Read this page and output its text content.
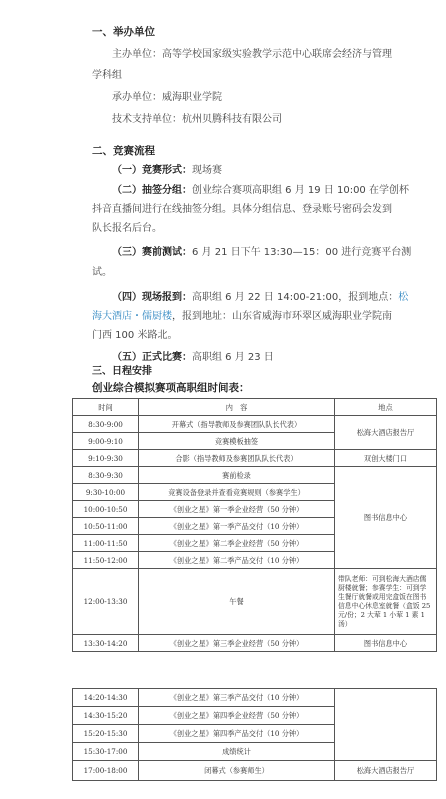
一、举办单位
主办单位：高等学校国家级实验教学示范中心联席会经济与管理
学科组
承办单位：威海职业学院
技术支持单位：杭州贝腾科技有限公司
二、竞赛流程
（一）竞赛形式：现场赛
（二）抽签分组：创业综合赛项高职组 6 月 19 日 10:00 在学创杯
抖音直播间进行在线抽签分组。具体分组信息、登录账号密码会发到
队长报名后台。
（三）赛前测试：6 月 21 日下午 13:30—15：00 进行竞赛平台测
试。
（四）现场报到：高职组 6 月 22 日 14:00-21:00，报到地点：松
海大酒店・儒厨楼，报到地址：山东省威海市环翠区威海职业学院南
门西 100 米路北。
（五）正式比赛：高职组 6 月 23 日
三、日程安排
创业综合模拟赛项高职组时间表：
时间	内　容	地点
8:30-9:00	开幕式（指导教师及参赛团队队长代表）	松海大酒店报告厅
9:00-9:10	竞赛模板抽签	
9:10-9:30	合影（指导教师及参赛团队队长代表）	双创大楼门口
8:30-9:30	赛前检录	图书信息中心
9:30-10:00	竞赛设备登录并查看竞赛规则（参赛学生）	
10:00-10:50	《创业之星》第一季企业经营（50 分钟）	
10:50-11:00	《创业之星》第一季产品交付（10 分钟）	
11:00-11:50	《创业之星》第二季企业经营（50 分钟）	
11:50-12:00	《创业之星》第二季产品交付（10 分钟）	
12:00-13:30	午餐	带队老师：可到松海大酒店儒厨楼就餐；参赛学生：可到学生餐厅就餐或用完盒饭在图书信息中心休息室就餐（盒饭 25 元/份；2 大荤 1 小荤 1 素 1 汤）
13:30-14:20	《创业之星》第三季企业经营（50 分钟）	图书信息中心
14:20-14:30	《创业之星》第三季产品交付（10 分钟）	
14:30-15:20	《创业之星》第四季企业经营（50 分钟）	
15:20-15:30	《创业之星》第四季产品交付（10 分钟）	
15:30-17:00	成绩统计	
17:00-18:00	闭幕式（参赛师生）	松海大酒店报告厅
